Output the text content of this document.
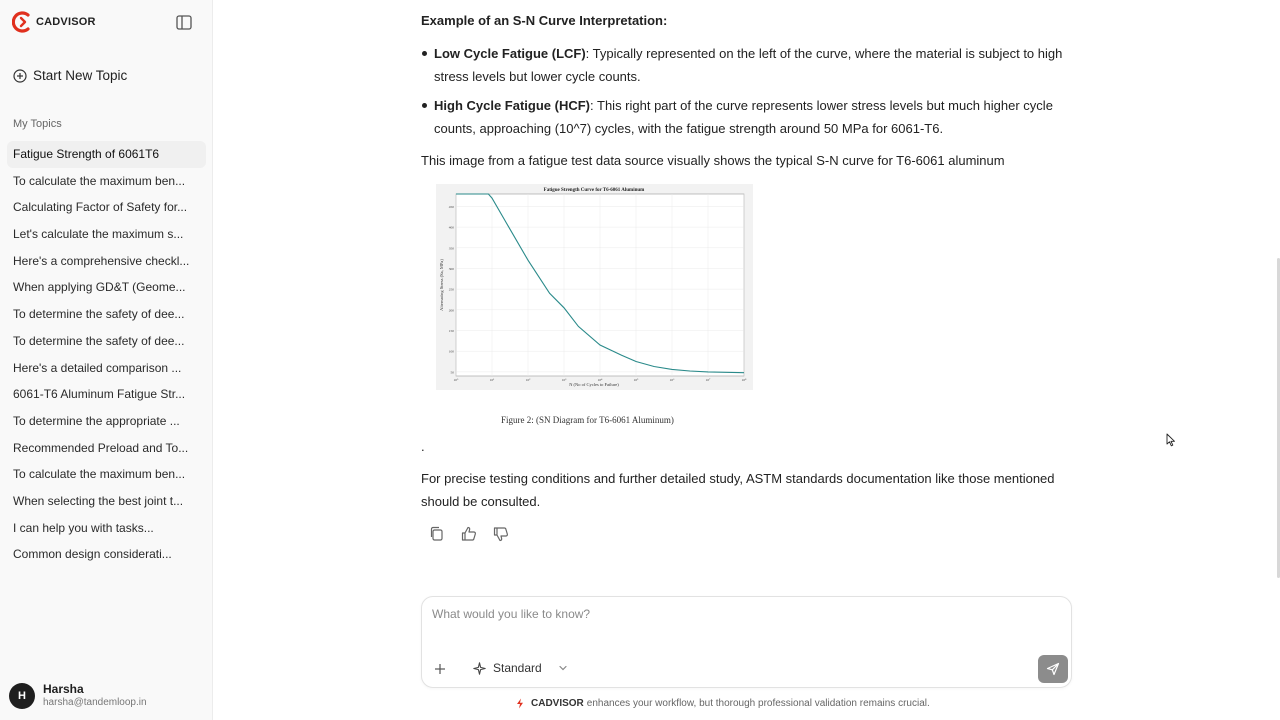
CADVISOR
Start New Topic
My Topics
Fatigue Strength of 6061T6
To calculate the maximum ben...
Calculating Factor of Safety for...
Let's calculate the maximum s...
Here's a comprehensive checkl...
When applying GD&T (Geome...
To determine the safety of dee...
To determine the safety of dee...
Here's a detailed comparison ...
6061-T6 Aluminum Fatigue Str...
To determine the appropriate ...
Recommended Preload and To...
To calculate the maximum ben...
When selecting the best joint t...
I can help you with tasks...
Common design considerati...
H	Harsha
harsha@tandemloop.in
Example of an S-N Curve Interpretation:
Low Cycle Fatigue (LCF): Typically represented on the left of the curve, where the material is subject to high stress levels but lower cycle counts.
High Cycle Fatigue (HCF): This right part of the curve represents lower stress levels but much higher cycle counts, approaching (10^7) cycles, with the fatigue strength around 50 MPa for 6061-T6.
This image from a fatigue test data source visually shows the typical S-N curve for T6-6061 aluminum
Fatigue Strength Curve for T6-6061 Aluminum
N (No of Cycles to Failure)
Alternating Stress (Sa, MPa)
450
400
350
300
250
200
150
100
50
10°	10¹	10²	10³	10⁴	10⁵	10⁶	10⁷	10⁸
Figure 2: (SN Diagram for T6-6061 Aluminum)
.
For precise testing conditions and further detailed study, ASTM standards documentation like those mentioned should be consulted.
What would you like to know?
Standard
CADVISOR enhances your workflow, but thorough professional validation remains crucial.
